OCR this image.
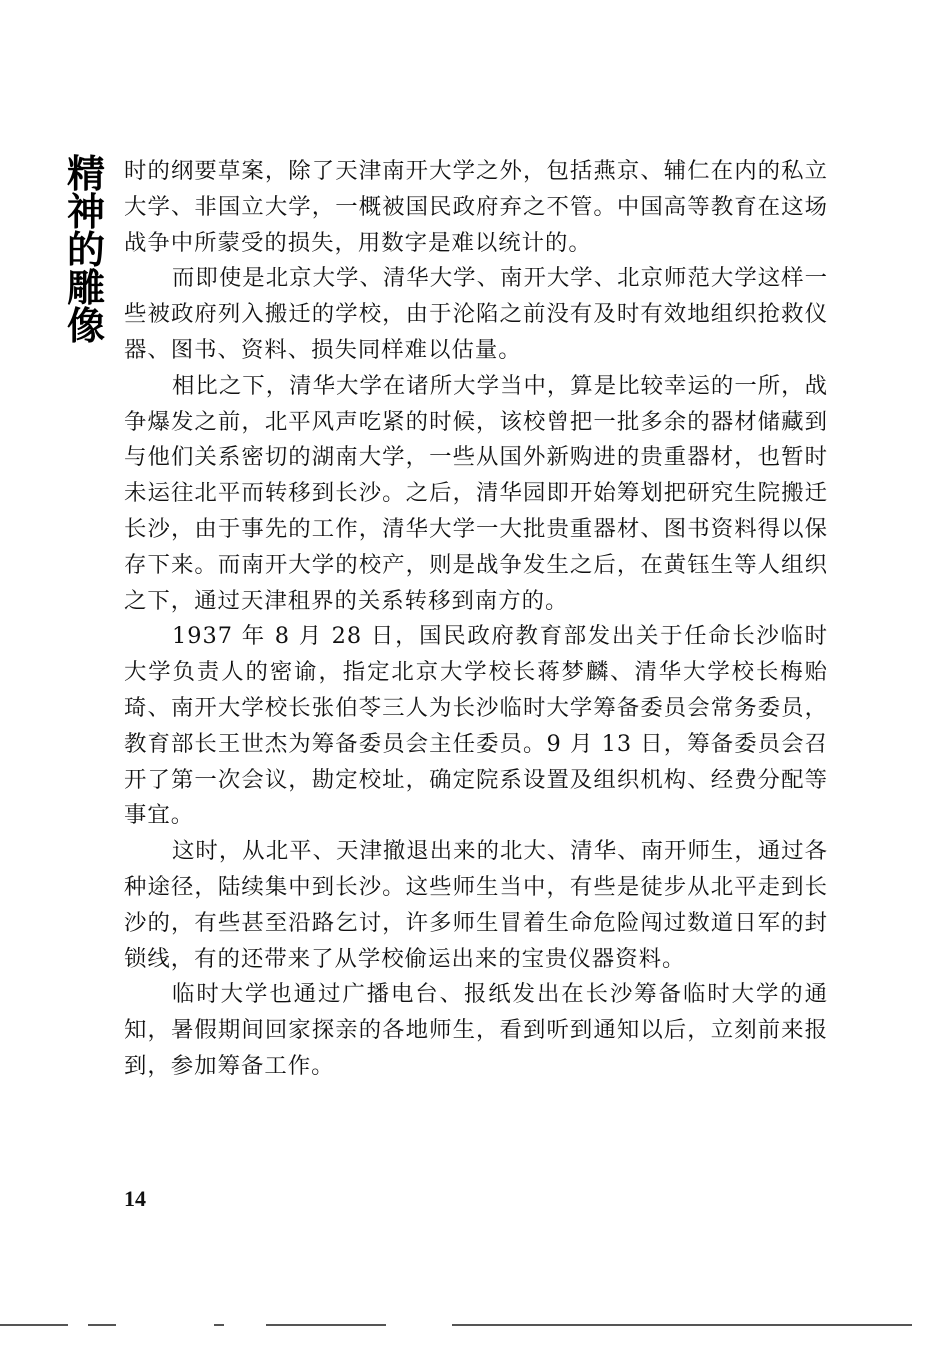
精
神
的
雕
像

时的纲要草案，除了天津南开大学之外，包括燕京、辅仁在内的私立大学、非国立大学，一概被国民政府弃之不管。中国高等教育在这场战争中所蒙受的损失，用数字是难以统计的。

而即使是北京大学、清华大学、南开大学、北京师范大学这样一些被政府列入搬迁的学校，由于沦陷之前没有及时有效地组织抢救仪器、图书、资料、损失同样难以估量。

相比之下，清华大学在诸所大学当中，算是比较幸运的一所，战争爆发之前，北平风声吃紧的时候，该校曾把一批多余的器材储藏到与他们关系密切的湖南大学，一些从国外新购进的贵重器材，也暂时未运往北平而转移到长沙。之后，清华园即开始筹划把研究生院搬迁长沙，由于事先的工作，清华大学一大批贵重器材、图书资料得以保存下来。而南开大学的校产，则是战争发生之后，在黄钰生等人组织之下，通过天津租界的关系转移到南方的。

1937 年 8 月 28 日，国民政府教育部发出关于任命长沙临时大学负责人的密谕，指定北京大学校长蒋梦麟、清华大学校长梅贻琦、南开大学校长张伯苓三人为长沙临时大学筹备委员会常务委员，教育部长王世杰为筹备委员会主任委员。9 月 13 日，筹备委员会召开了第一次会议，勘定校址，确定院系设置及组织机构、经费分配等事宜。

这时，从北平、天津撤退出来的北大、清华、南开师生，通过各种途径，陆续集中到长沙。这些师生当中，有些是徒步从北平走到长沙的，有些甚至沿路乞讨，许多师生冒着生命危险闯过数道日军的封锁线，有的还带来了从学校偷运出来的宝贵仪器资料。

临时大学也通过广播电台、报纸发出在长沙筹备临时大学的通知，暑假期间回家探亲的各地师生，看到听到通知以后，立刻前来报到，参加筹备工作。

14
